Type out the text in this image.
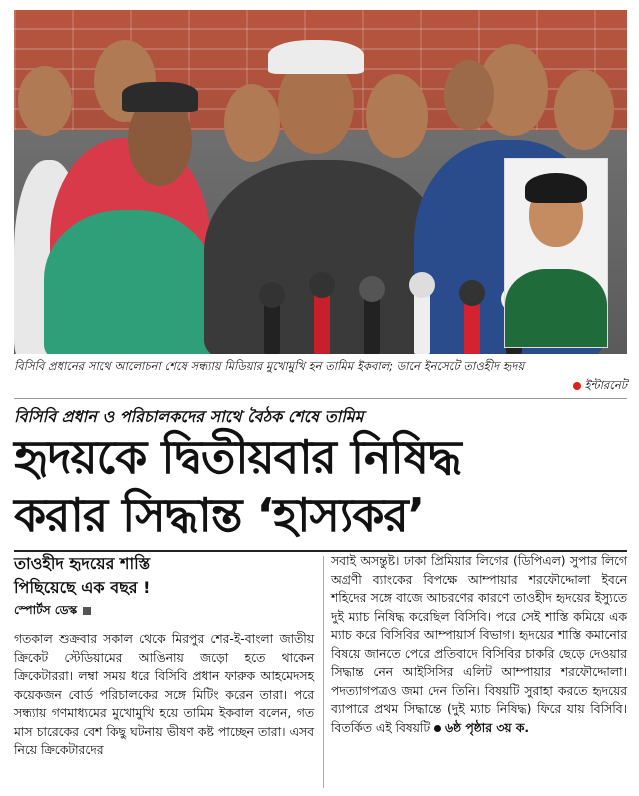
বিসিবি প্রধানের সাথে আলোচনা শেষে সন্ধ্যায় মিডিয়ার মুখোমুখি হন তামিম ইকবাল; ডানে ইনসেটে তাওহীদ হৃদয়
ইন্টারনেট
বিসিবি প্রধান ও পরিচালকদের সাথে বৈঠক শেষে তামিম
হৃদয়কে দ্বিতীয়বার নিষিদ্ধ
করার সিদ্ধান্ত ‘হাস্যকর’
তাওহীদ হৃদয়ের শাস্তি
পিছিয়েছে এক বছর !
স্পোর্টস ডেস্ক
গতকাল শুক্রবার সকাল থেকে মিরপুর শের-ই-বাংলা জাতীয় ক্রিকেট স্টেডিয়ামের আঙিনায় জড়ো হতে থাকেন ক্রিকেটাররা। লম্বা সময় ধরে বিসিবি প্রধান ফারুক আহমেদসহ কয়েকজন বোর্ড পরিচালকের সঙ্গে মিটিং করেন তারা। পরে সন্ধ্যায় গণমাধ্যমের মুখোমুখি হয়ে তামিম ইকবাল বলেন, গত মাস চারেকের বেশ কিছু ঘটনায় ভীষণ কষ্ট পাচ্ছেন তারা। এসব নিয়ে ক্রিকেটারদের
সবাই অসন্তুষ্ট। ঢাকা প্রিমিয়ার লিগের (ডিপিএল) সুপার লিগে অগ্রণী ব্যাংকের বিপক্ষে আম্পায়ার শরফৌদ্দোলা ইবনে শহিদের সঙ্গে বাজে আচরণের কারণে তাওহীদ হৃদয়ের ইস্যুতে দুই ম্যাচ নিষিদ্ধ করেছিল বিসিবি। পরে সেই শাস্তি কমিয়ে এক ম্যাচ করে বিসিবির আম্পায়ার্স বিভাগ। হৃদয়ের শাস্তি কমানোর বিষয়ে জানতে পেরে প্রতিবাদে বিসিবির চাকরি ছেড়ে দেওয়ার সিদ্ধান্ত নেন আইসিসির এলিট আম্পায়ার শরফৌদ্দোলা। পদত্যাগপত্রও জমা দেন তিনি। বিষয়টি সুরাহা করতে হৃদয়ের ব্যাপারে প্রথম সিদ্ধান্তে (দুই ম্যাচ নিষিদ্ধ) ফিরে যায় বিসিবি। বিতর্কিত এই বিষয়টি ৬ষ্ঠ পৃষ্ঠার ৩য় ক.
